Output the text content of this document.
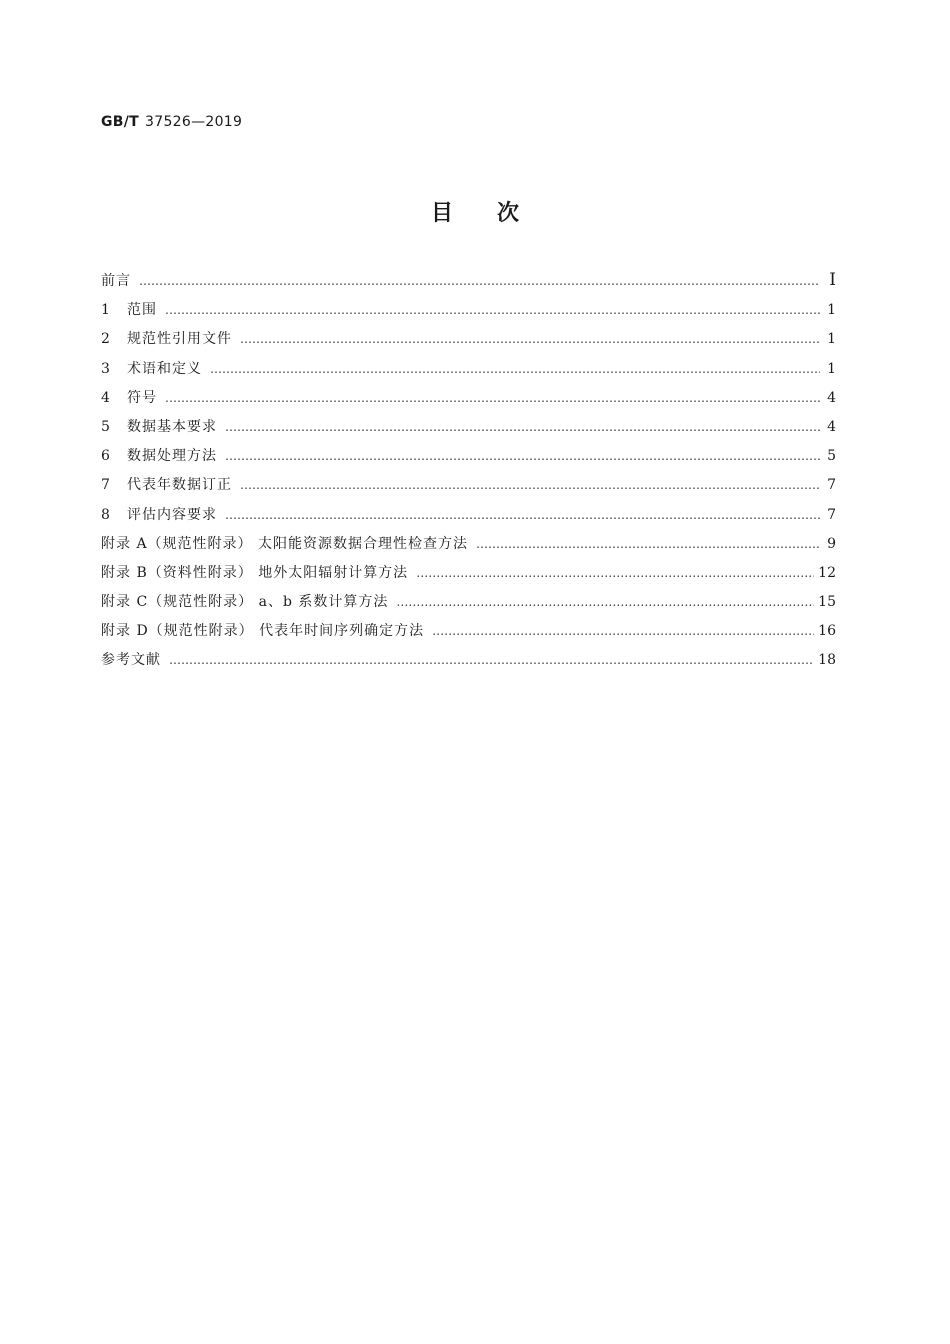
GB/T 37526—2019
目次
前言 ………………………………………………………………………………………………………………………………………………………………………………………………………………	Ⅰ
1	范围 ………………………………………………………………………………………………………………………………………………………………………………………………………………	1
2	规范性引用文件 ………………………………………………………………………………………………………………………………………………………………………………………………………………	1
3	术语和定义 ………………………………………………………………………………………………………………………………………………………………………………………………………………	1
4	符号 ………………………………………………………………………………………………………………………………………………………………………………………………………………	4
5	数据基本要求 ………………………………………………………………………………………………………………………………………………………………………………………………………………	4
6	数据处理方法 ………………………………………………………………………………………………………………………………………………………………………………………………………………	5
7	代表年数据订正 ………………………………………………………………………………………………………………………………………………………………………………………………………………	7
8	评估内容要求 ………………………………………………………………………………………………………………………………………………………………………………………………………………	7
附录 A（规范性附录） 太阳能资源数据合理性检查方法 ………………………………………………………………………………………………………………………………………………………………………………………………………………	9
附录 B（资料性附录） 地外太阳辐射计算方法 ………………………………………………………………………………………………………………………………………………………………………………………………………………	12
附录 C（规范性附录） a、b 系数计算方法 ………………………………………………………………………………………………………………………………………………………………………………………………………………	15
附录 D（规范性附录） 代表年时间序列确定方法 ………………………………………………………………………………………………………………………………………………………………………………………………………………	16
参考文献 ………………………………………………………………………………………………………………………………………………………………………………………………………………	18
